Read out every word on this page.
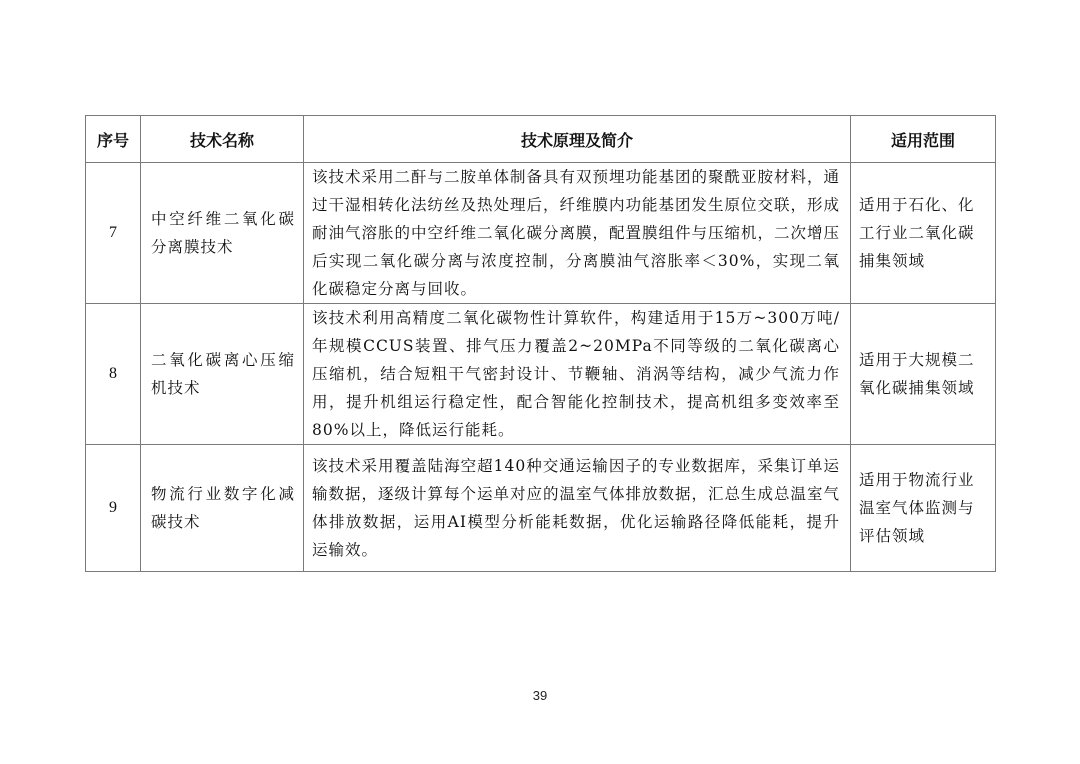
序号	技术名称	技术原理及简介	适用范围
7	中空纤维二氧化碳分离膜技术	该技术采用二酐与二胺单体制备具有双预埋功能基团的聚酰亚胺材料，通过干湿相转化法纺丝及热处理后，纤维膜内功能基团发生原位交联，形成耐油气溶胀的中空纤维二氧化碳分离膜，配置膜组件与压缩机，二次增压后实现二氧化碳分离与浓度控制，分离膜油气溶胀率＜30%，实现二氧化碳稳定分离与回收。	适用于石化、化工行业二氧化碳捕集领域
8	二氧化碳离心压缩机技术	该技术利用高精度二氧化碳物性计算软件，构建适用于15万~300万吨/年规模CCUS装置、排气压力覆盖2~20MPa不同等级的二氧化碳离心压缩机，结合短粗干气密封设计、节鞭轴、消涡等结构，减少气流力作用，提升机组运行稳定性，配合智能化控制技术，提高机组多变效率至80%以上，降低运行能耗。	适用于大规模二氧化碳捕集领域
9	物流行业数字化减碳技术	该技术采用覆盖陆海空超140种交通运输因子的专业数据库，采集订单运输数据，逐级计算每个运单对应的温室气体排放数据，汇总生成总温室气体排放数据，运用AI模型分析能耗数据，优化运输路径降低能耗，提升运输效。	适用于物流行业温室气体监测与评估领域
39
